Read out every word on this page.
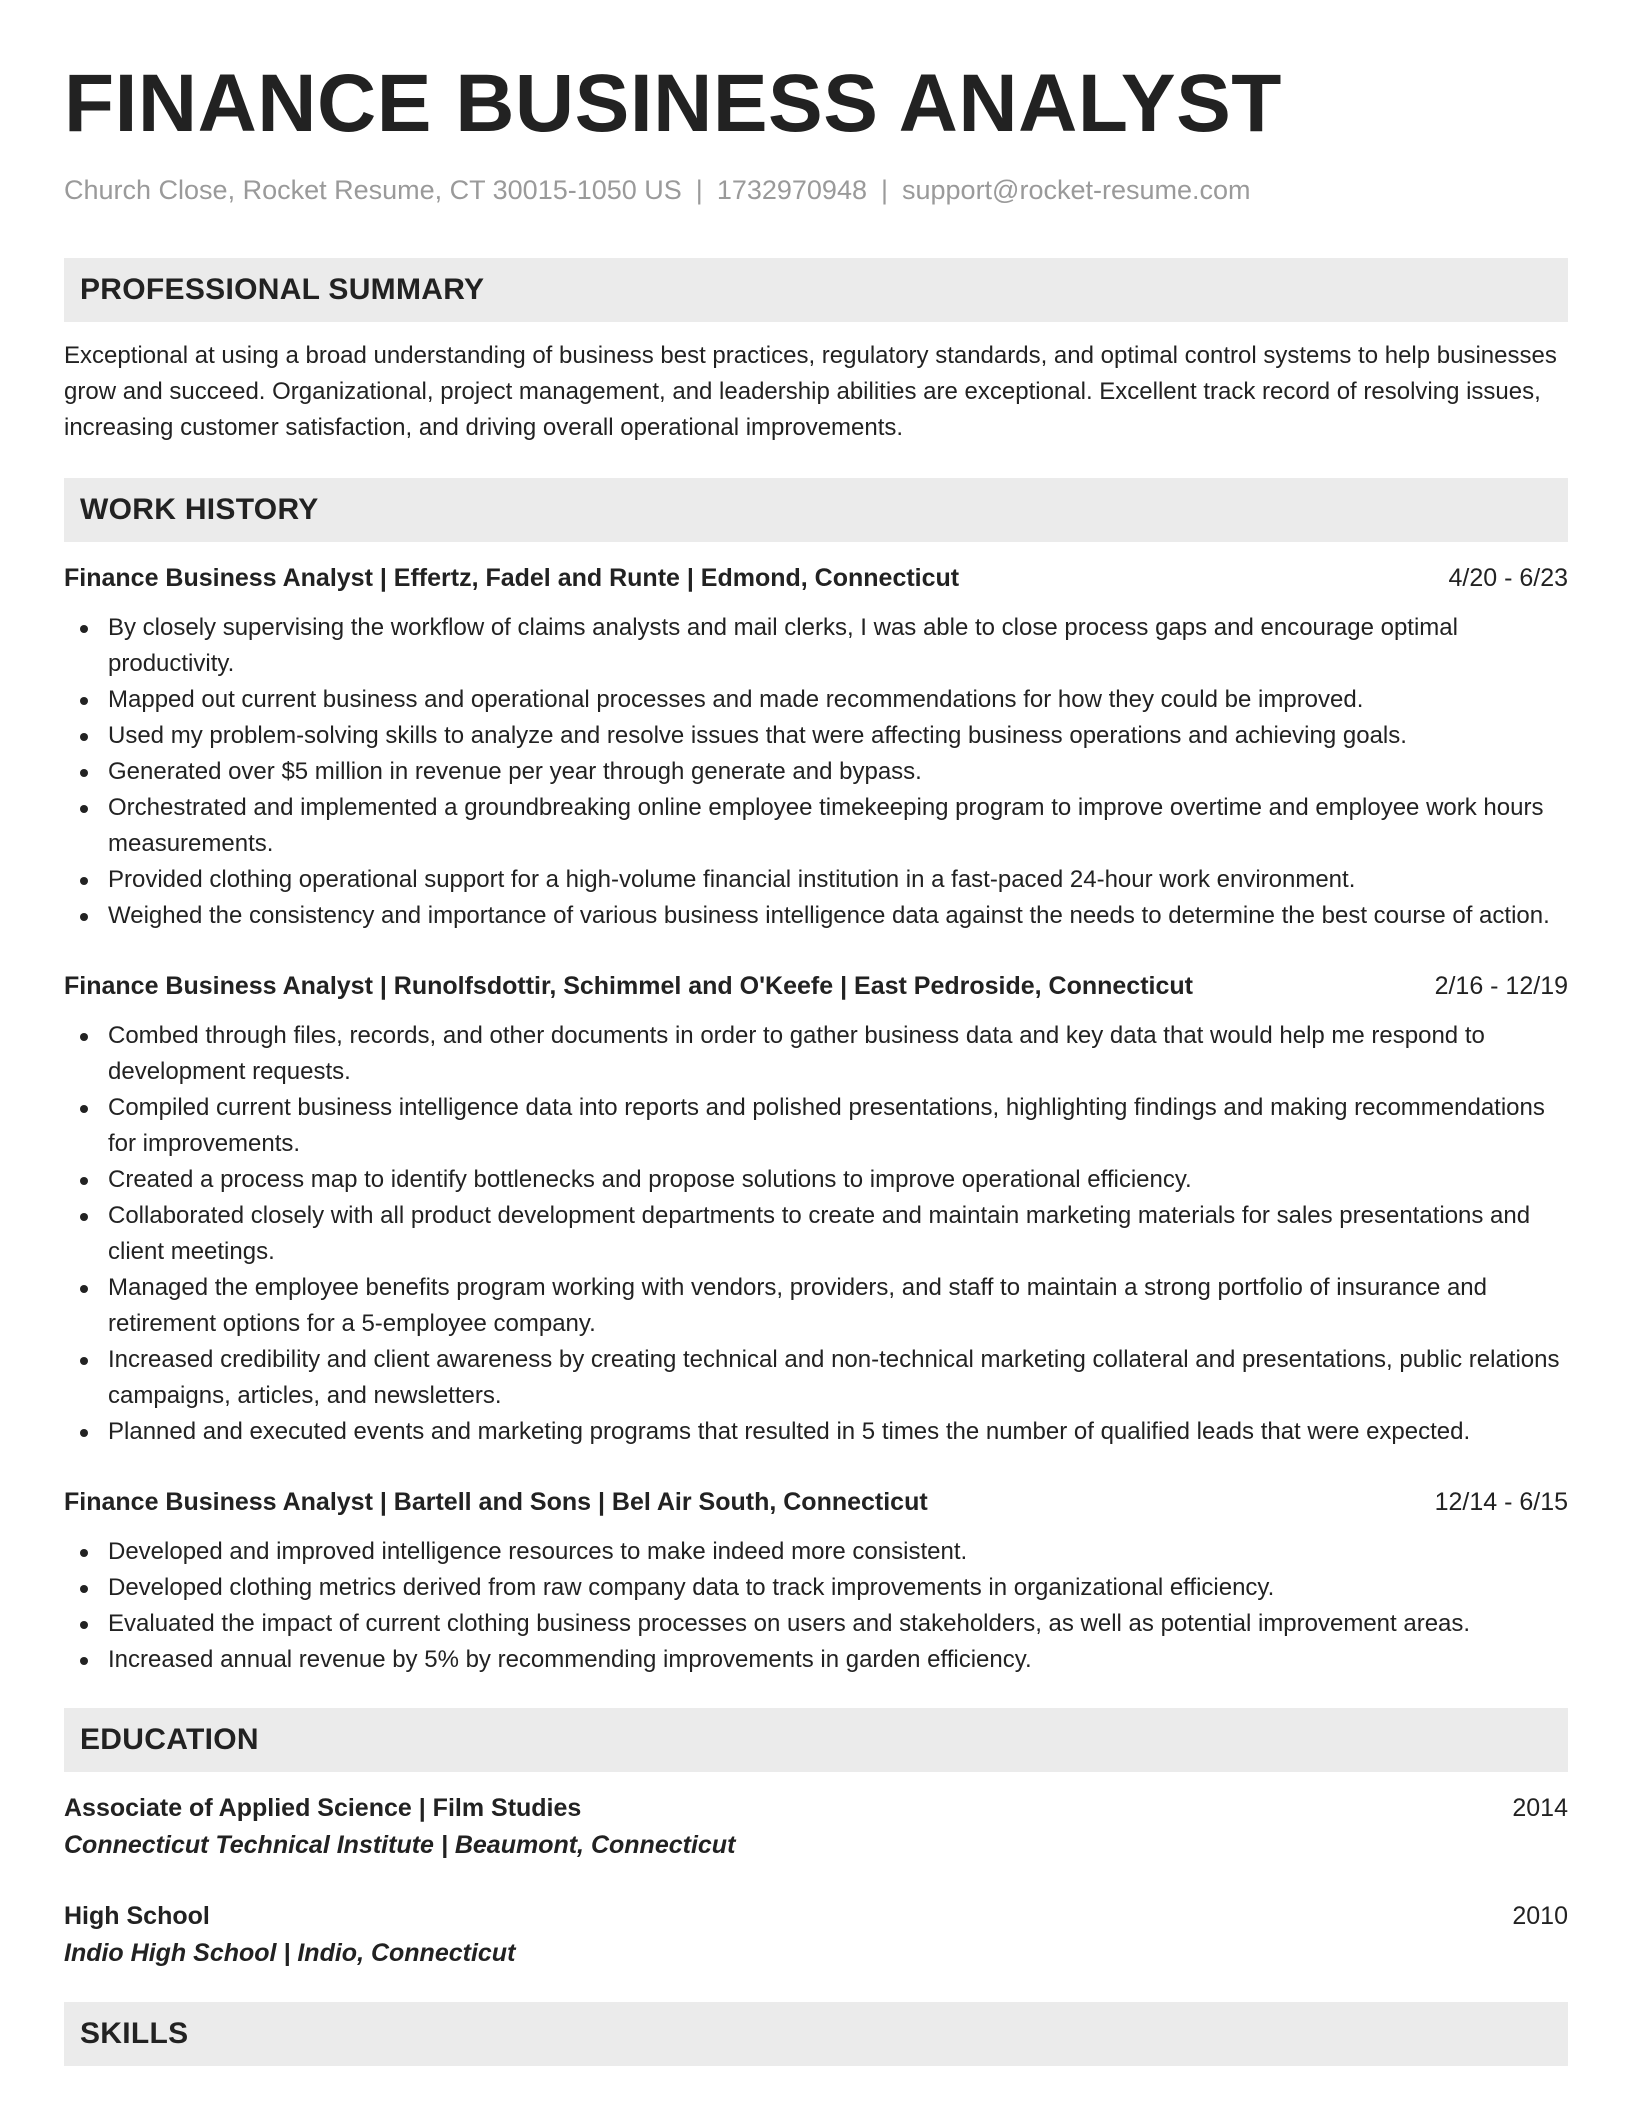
FINANCE BUSINESS ANALYST
Church Close, Rocket Resume, CT 30015-1050 US | 1732970948 | support@rocket-resume.com
PROFESSIONAL SUMMARY
Exceptional at using a broad understanding of business best practices, regulatory standards, and optimal control systems to help businesses grow and succeed. Organizational, project management, and leadership abilities are exceptional. Excellent track record of resolving issues, increasing customer satisfaction, and driving overall operational improvements.
WORK HISTORY
Finance Business Analyst | Effertz, Fadel and Runte | Edmond, Connecticut	4/20 - 6/23
By closely supervising the workflow of claims analysts and mail clerks, I was able to close process gaps and encourage optimal productivity.
Mapped out current business and operational processes and made recommendations for how they could be improved.
Used my problem-solving skills to analyze and resolve issues that were affecting business operations and achieving goals.
Generated over $5 million in revenue per year through generate and bypass.
Orchestrated and implemented a groundbreaking online employee timekeeping program to improve overtime and employee work hours measurements.
Provided clothing operational support for a high-volume financial institution in a fast-paced 24-hour work environment.
Weighed the consistency and importance of various business intelligence data against the needs to determine the best course of action.
Finance Business Analyst | Runolfsdottir, Schimmel and O'Keefe | East Pedroside, Connecticut	2/16 - 12/19
Combed through files, records, and other documents in order to gather business data and key data that would help me respond to development requests.
Compiled current business intelligence data into reports and polished presentations, highlighting findings and making recommendations for improvements.
Created a process map to identify bottlenecks and propose solutions to improve operational efficiency.
Collaborated closely with all product development departments to create and maintain marketing materials for sales presentations and client meetings.
Managed the employee benefits program working with vendors, providers, and staff to maintain a strong portfolio of insurance and retirement options for a 5-employee company.
Increased credibility and client awareness by creating technical and non-technical marketing collateral and presentations, public relations campaigns, articles, and newsletters.
Planned and executed events and marketing programs that resulted in 5 times the number of qualified leads that were expected.
Finance Business Analyst | Bartell and Sons | Bel Air South, Connecticut	12/14 - 6/15
Developed and improved intelligence resources to make indeed more consistent.
Developed clothing metrics derived from raw company data to track improvements in organizational efficiency.
Evaluated the impact of current clothing business processes on users and stakeholders, as well as potential improvement areas.
Increased annual revenue by 5% by recommending improvements in garden efficiency.
EDUCATION
Associate of Applied Science | Film Studies	2014
Connecticut Technical Institute | Beaumont, Connecticut
High School	2010
Indio High School | Indio, Connecticut
SKILLS
